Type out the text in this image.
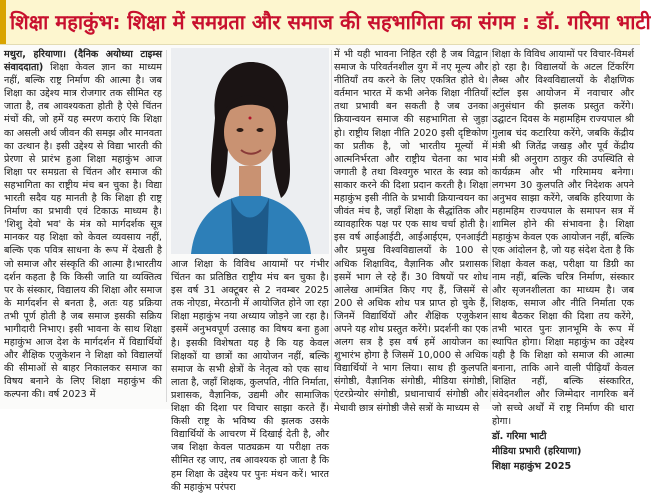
शिक्षा महाकुंभ: शिक्षा में समग्रता और समाज की सहभागिता का संगम : डॉ. गरिमा भाटी
मथुरा, हरियाणा। (दैनिक अयोध्या टाइम्स संवाददाता) शिक्षा केवल ज्ञान का माध्यम नहीं, बल्कि राष्ट्र निर्माण की आत्मा है। जब शिक्षा का उद्देश्य मात्र रोजगार तक सीमित रह जाता है, तब आवश्यकता होती है ऐसे चिंतन मंचों की, जो हमें यह स्मरण कराएं कि शिक्षा का असली अर्थ जीवन की समझ और मानवता का उत्थान है। इसी उद्देश्य से विद्या भारती की प्रेरणा से प्रारंभ हुआ शिक्षा महाकुंभ आज शिक्षा पर समग्रता से चिंतन और समाज की सहभागिता का राष्ट्रीय मंच बन चुका है। विद्या भारती सदैव यह मानती है कि शिक्षा ही राष्ट्र निर्माण का प्रभावी एवं टिकाऊ माध्यम है। 'शिशु देवो भव' के मंत्र को मार्गदर्शक सूत्र मानकर यह शिक्षा को केवल व्यवसाय नहीं, बल्कि एक पवित्र साधना के रूप में देखती है जो समाज और संस्कृति की आत्मा है।भारतीय दर्शन कहता है कि किसी जाति या व्यक्तित्व पर के संस्कार, विद्यालय की शिक्षा और समाज के मार्गदर्शन से बनता है, अतः यह प्रक्रिया तभी पूर्ण होती है जब समाज इसकी सक्रिय भागीदारी निभाए। इसी भावना के साथ शिक्षा महाकुंभ आज देश के मार्गदर्शन में विद्यार्थियों और शैक्षिक एजुकेशन ने शिक्षा को विद्यालयों की सीमाओं से बाहर निकालकर समाज का विषय बनाने के लिए शिक्षा महाकुंभ की कल्पना की। वर्ष 2023 में
आज शिक्षा के विविध आयामों पर गंभीर चिंतन का प्रतिष्ठित राष्ट्रीय मंच बन चुका है। इस वर्ष 31 अक्टूबर से 2 नवम्बर 2025 तक नोएडा, मेरठानी में आयोजित होने जा रहा शिक्षा महाकुंभ नया अध्याय जोड़ने जा रहा है। इसमें अनुभवपूर्ण उत्साह का विषय बना हुआ है। इसकी विशेषता यह है कि यह केवल शिक्षकों या छात्रों का आयोजन नहीं, बल्कि समाज के सभी क्षेत्रों के नेतृत्व को एक साथ लाता है, जहाँ शिक्षक, कुलपति, नीति निर्माता, प्रशासक, वैज्ञानिक, उद्यमी और सामाजिक शिक्षा की दिशा पर विचार साझा करते हैं। किसी राष्ट्र के भविष्य की झलक उसके विद्यार्थियों के आचरण में दिखाई देती है, और जब शिक्षा केवल पाठ्यक्रम या परीक्षा तक सीमित रह जाए, तब आवश्यक हो जाता है कि हम शिक्षा के उद्देश्य पर पुनः मंथन करें। भारत की महाकुंभ परंपरा
में भी यही भावना निहित रही है जब विद्वान समाज के परिवर्तनशील युग में नए मूल्य और नीतियाँ तय करने के लिए एकत्रित होते थे। वर्तमान भारत में कभी अनेक शिक्षा नीतियाँ तथा प्रभावी बन सकती है जब उनका क्रियान्वयन समाज की सहभागिता से जुड़ा हो। राष्ट्रीय शिक्षा नीति 2020 इसी दृष्टिकोण का प्रतीक है, जो भारतीय मूल्यों में आत्मनिर्भरता और राष्ट्रीय चेतना का भाव जगाती है तथा विश्वगुरु भारत के स्वप्न को साकार करने की दिशा प्रदान करती है। शिक्षा महाकुंभ इसी नीति के प्रभावी क्रियान्वयन का जीवंत मंच है, जहाँ शिक्षा के सैद्धांतिक और व्यावहारिक पक्ष पर एक साथ चर्चा होती है। इस वर्ष आईआईटी, आईआईएम, एनआईटी और प्रमुख विश्वविद्यालयों के 100 से अधिक शिक्षाविद, वैज्ञानिक और प्रशासक इसमें भाग ले रहे हैं। 30 विषयों पर शोध आलेख आमंत्रित किए गए हैं, जिसमें से 200 से अधिक शोध पत्र प्राप्त हो चुके हैं, जिनमें विद्यार्थियों और शैक्षिक एजुकेशन अपने यह शोध प्रस्तुत करेंगे। प्रदर्शनी का एक अलग सत्र है इस वर्ष हमें आयोजन का शुभारंभ होगा है जिसमें 10,000 से अधिक विद्यार्थियों ने भाग लिया। साथ ही कुलपति संगोष्ठी, वैज्ञानिक संगोष्ठी, मीडिया संगोष्ठी, एंटरप्रेन्योर संगोष्ठी, प्रधानाचार्य संगोष्ठी और मेधावी छात्र संगोष्ठी जैसे सत्रों के माध्यम से
शिक्षा के विविध आयामों पर विचार-विमर्श हो रहा है। विद्यालयों के अटल टिंकरिंग लैब्स और विश्वविद्यालयों के शैक्षणिक स्टॉल इस आयोजन में नवाचार और अनुसंधान की झलक प्रस्तुत करेंगे। उद्घाटन दिवस के महामहिम राज्यपाल श्री गुलाब चंद कटारिया करेंगे, जबकि केंद्रीय मंत्री श्री जितेंद्र जखड़ और पूर्व केंद्रीय मंत्री श्री अनुराग ठाकुर की उपस्थिति से कार्यक्रम और भी गरिमामय बनेगा। लगभग 30 कुलपति और निदेशक अपने अनुभव साझा करेंगे, जबकि हरियाणा के महामहिम राज्यपाल के समापन सत्र में शामिल होने की संभावना है। शिक्षा महाकुंभ केवल एक आयोजन नहीं, बल्कि एक आंदोलन है, जो यह संदेश देता है कि शिक्षा केवल कक्ष, परीक्षा या डिग्री का नाम नहीं, बल्कि चरित्र निर्माण, संस्कार और सृजनशीलता का माध्यम है। जब शिक्षक, समाज और नीति निर्माता एक साथ बैठकर शिक्षा की दिशा तय करेंगे, तभी भारत पुनः ज्ञानभूमि के रूप में स्थापित होगा। शिक्षा महाकुंभ का उद्देश्य यही है कि शिक्षा को समाज की आत्मा बनाना, ताकि आने वाली पीढ़ियाँ केवल शिक्षित नहीं, बल्कि संस्कारित, संवेदनशील और जिम्मेदार नागरिक बनें जो सच्चे अर्थों में राष्ट्र निर्माण की धारा होगा।
डॉ. गरिमा भाटी
मीडिया प्रभारी (हरियाणा)
शिक्षा महाकुंभ 2025
